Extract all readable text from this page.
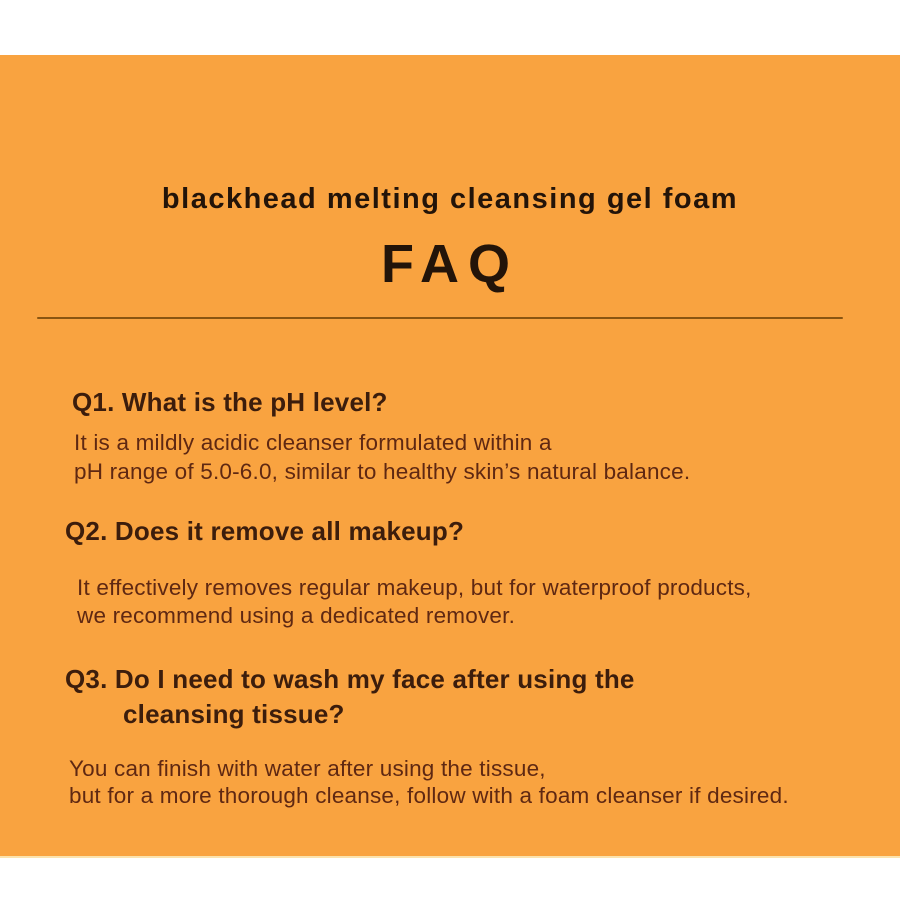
blackhead melting cleansing gel foam
FAQ
Q1. What is the pH level?
It is a mildly acidic cleanser formulated within a
pH range of 5.0-6.0, similar to healthy skin’s natural balance.
Q2. Does it remove all makeup?
It effectively removes regular makeup, but for waterproof products,
we recommend using a dedicated remover.
Q3. Do I need to wash my face after using the
cleansing tissue?
You can finish with water after using the tissue,
but for a more thorough cleanse, follow with a foam cleanser if desired.
